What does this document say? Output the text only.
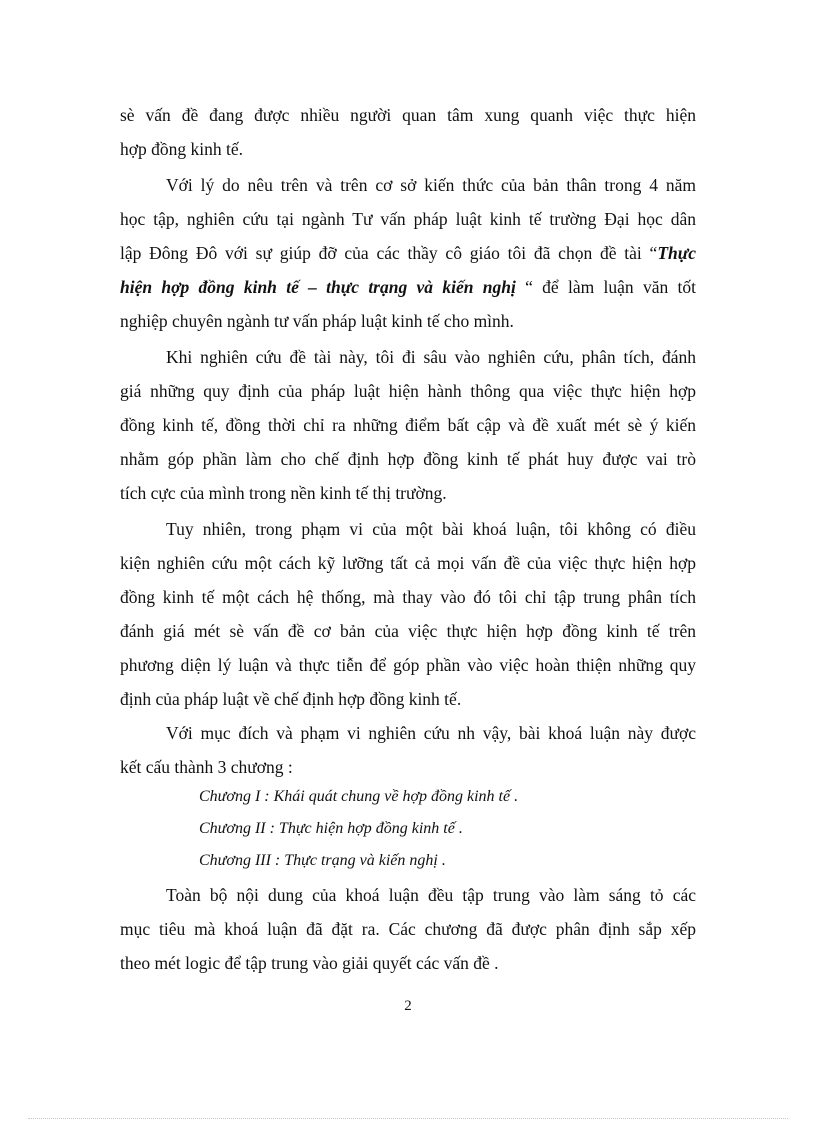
sè vấn đề đang được nhiều người quan tâm xung quanh việc thực hiện
hợp đồng kinh tế.
Với lý do nêu trên và trên cơ sở kiến thức của bản thân trong 4 năm
học tập, nghiên cứu tại ngành Tư vấn pháp luật kinh tế trường Đại học dân
lập Đông Đô với sự giúp đỡ của các thầy cô giáo tôi đã chọn đề tài “Thực
hiện hợp đồng kinh tế – thực trạng và kiến nghị “ để làm luận văn tốt
nghiệp chuyên ngành tư vấn pháp luật kinh tế cho mình.
Khi nghiên cứu đề tài này, tôi đi sâu vào nghiên cứu, phân tích, đánh
giá những quy định của pháp luật hiện hành thông qua việc thực hiện hợp
đồng kinh tế, đồng thời chỉ ra những điểm bất cập và đề xuất mét sè ý kiến
nhằm góp phần làm cho chế định hợp đồng kinh tế phát huy được vai trò
tích cực của mình trong nền kinh tế thị trường.
Tuy nhiên, trong phạm vi của một bài khoá luận, tôi không có điều
kiện nghiên cứu một cách kỹ lưỡng tất cả mọi vấn đề của việc thực hiện hợp
đồng kinh tế một cách hệ thống, mà thay vào đó tôi chỉ tập trung phân tích
đánh giá mét sè vấn đề cơ bản của việc thực hiện hợp đồng kinh tế trên
phương diện lý luận và thực tiễn để góp phần vào việc hoàn thiện những quy
định của pháp luật về chế định hợp đồng kinh tế.
Với mục đích và phạm vi nghiên cứu nh vậy, bài khoá luận này được
kết cấu thành 3 chương :
Chương I : Khái quát chung về hợp đồng kinh tế .
Chương II : Thực hiện hợp đồng kinh tế .
Chương III : Thực trạng và kiến nghị .
Toàn bộ nội dung của khoá luận đều tập trung vào làm sáng tỏ các
mục tiêu mà khoá luận đã đặt ra. Các chương đã được phân định sắp xếp
theo mét logic để tập trung vào giải quyết các vấn đề .
2
